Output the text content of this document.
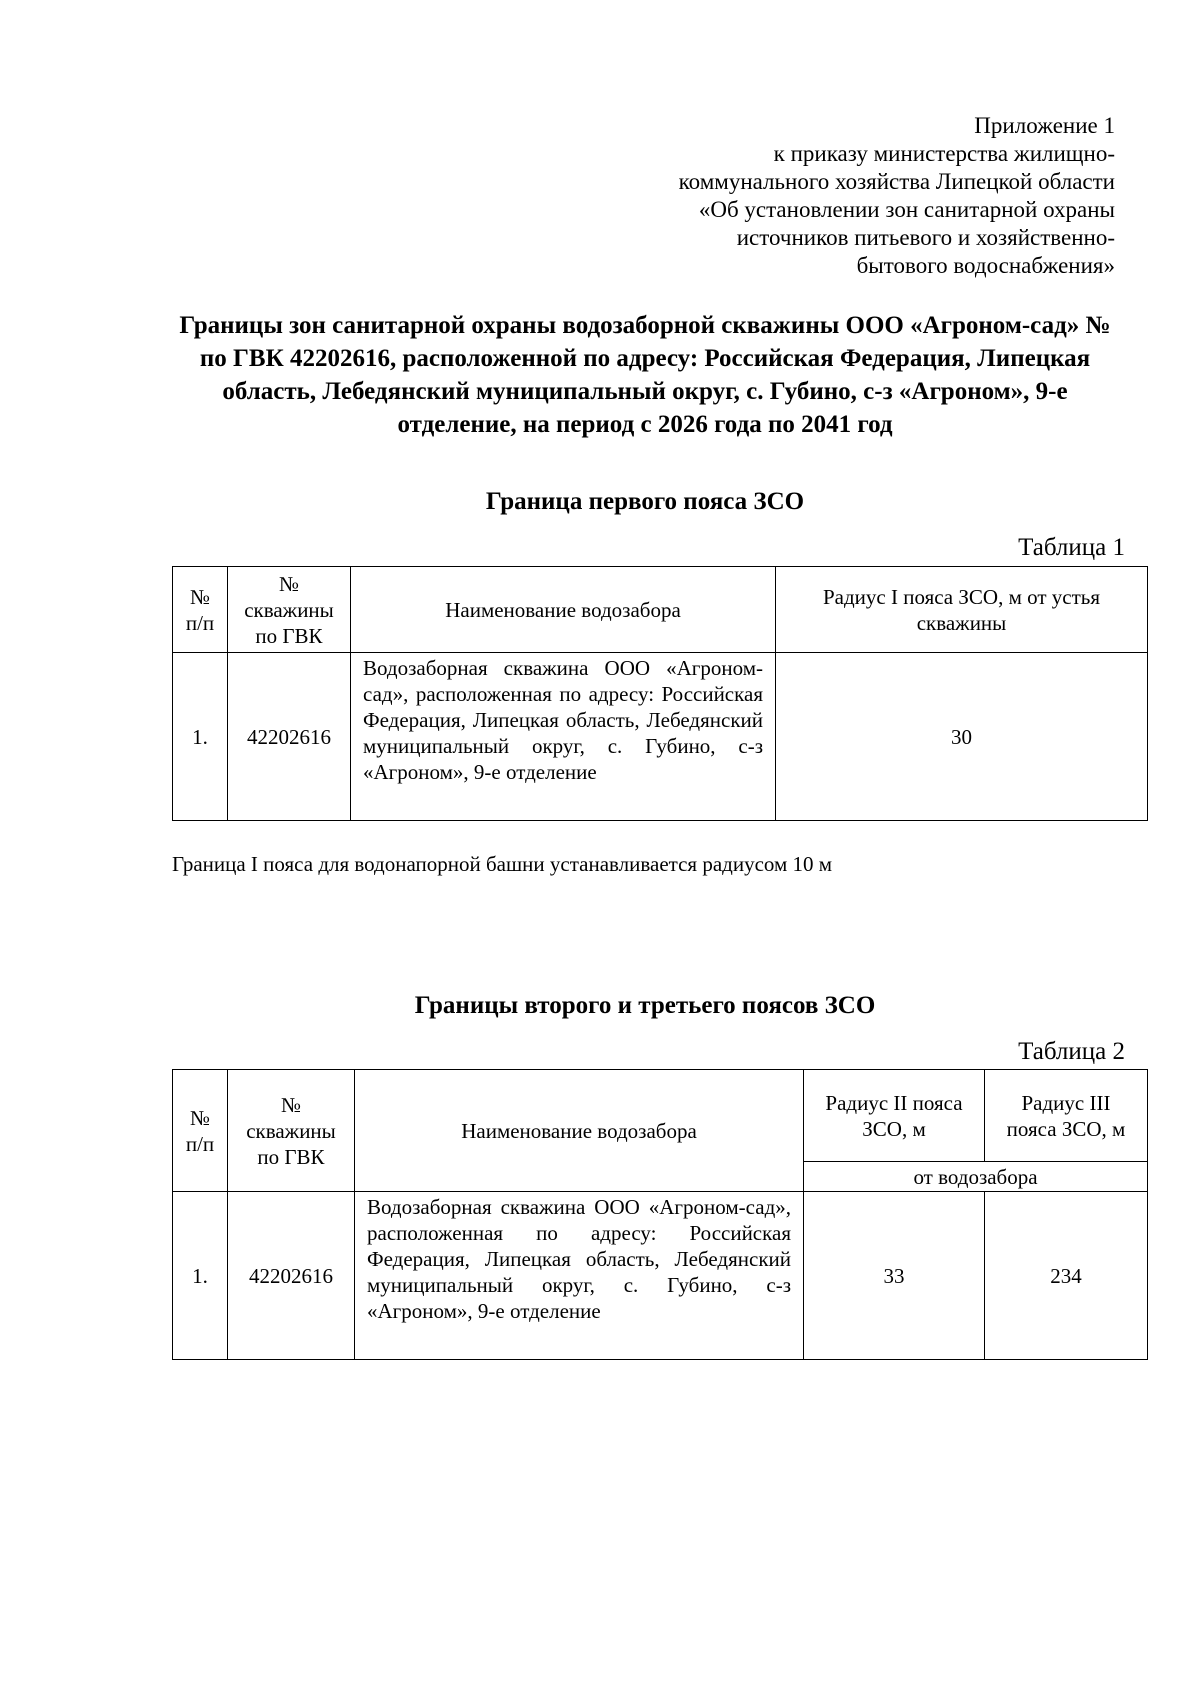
Приложение 1
к приказу министерства жилищно-
коммунального хозяйства Липецкой области
«Об установлении зон санитарной охраны
источников питьевого и хозяйственно-
бытового водоснабжения»
Границы зон санитарной охраны водозаборной скважины ООО «Агроном-сад» № по ГВК 42202616, расположенной по адресу: Российская Федерация, Липецкая область, Лебедянский муниципальный округ, с. Губино, с-з «Агроном», 9-е отделение, на период с 2026 года по 2041 год
Граница первого пояса ЗСО
Таблица 1
№ п/п	№ скважины по ГВК	Наименование водозабора	Радиус I пояса ЗСО, м от устья скважины
1.	42202616	Водозаборная скважина ООО «Агроном-сад», расположенная по адресу: Российская Федерация, Липецкая область, Лебедянский муниципальный округ, с. Губино, с-з «Агроном», 9-е отделение	30
Граница I пояса для водонапорной башни устанавливается радиусом 10 м
Границы второго и третьего поясов ЗСО
Таблица 2
№ п/п	№ скважины по ГВК	Наименование водозабора	Радиус II пояса ЗСО, м	Радиус III пояса ЗСО, м
			от водозабора	
1.	42202616	Водозаборная скважина ООО «Агроном-сад», расположенная по адресу: Российская Федерация, Липецкая область, Лебедянский муниципальный округ, с. Губино, с-з «Агроном», 9-е отделение	33	234
